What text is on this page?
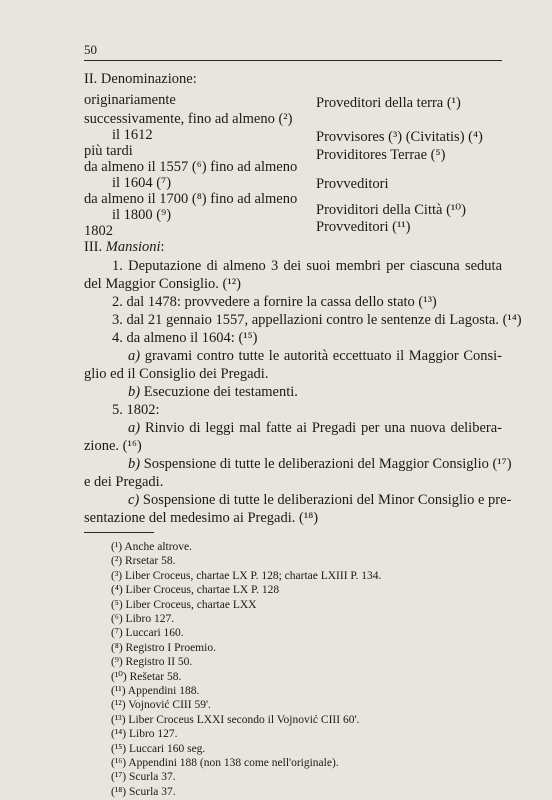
50
II. Denominazione:
originariamente
successivamente, fino ad almeno (²)
il 1612
più tardi
da almeno il 1557 (⁶) fino ad almeno
il 1604 (⁷)
da almeno il 1700 (⁸) fino ad almeno
il 1800 (⁹)
1802
Proveditori della terra (¹)
Provvisores (³) (Civitatis) (⁴)
Providitores Terrae (⁵)
Provveditori
Providitori della Città (¹⁰)
Provveditori (¹¹)
III. Mansioni:
1. Deputazione di almeno 3 dei suoi membri per ciascuna seduta
del Maggior Consiglio. (¹²)
2. dal 1478: provvedere a fornire la cassa dello stato (¹³)
3. dal 21 gennaio 1557, appellazioni contro le sentenze di Lagosta. (¹⁴)
4. da almeno il 1604: (¹⁵)
a) gravami contro tutte le autorità eccettuato il Maggior Consi-
glio ed il Consiglio dei Pregadi.
b) Esecuzione dei testamenti.
5. 1802:
a) Rinvio di leggi mal fatte ai Pregadi per una nuova delibera-
zione. (¹⁶)
b) Sospensione di tutte le deliberazioni del Maggior Consiglio (¹⁷)
e dei Pregadi.
c) Sospensione di tutte le deliberazioni del Minor Consiglio e pre-
sentazione del medesimo ai Pregadi. (¹⁸)
(¹) Anche altrove.
(²) Rrsetar 58.
(³) Liber Croceus, chartae LX P. 128; chartae LXIII P. 134.
(⁴) Liber Croceus, chartae LX P. 128
(⁵) Liber Croceus, chartae LXX
(⁶) Libro 127.
(⁷) Luccari 160.
(⁸) Registro I Proemio.
(⁹) Registro II 50.
(¹⁰) Rešetar 58.
(¹¹) Appendini 188.
(¹²) Vojnović CIII 59'.
(¹³) Liber Croceus LXXI secondo il Vojnović CIII 60'.
(¹⁴) Libro 127.
(¹⁵) Luccari 160 seg.
(¹⁶) Appendini 188 (non 138 come nell'originale).
(¹⁷) Scurla 37.
(¹⁸) Scurla 37.
